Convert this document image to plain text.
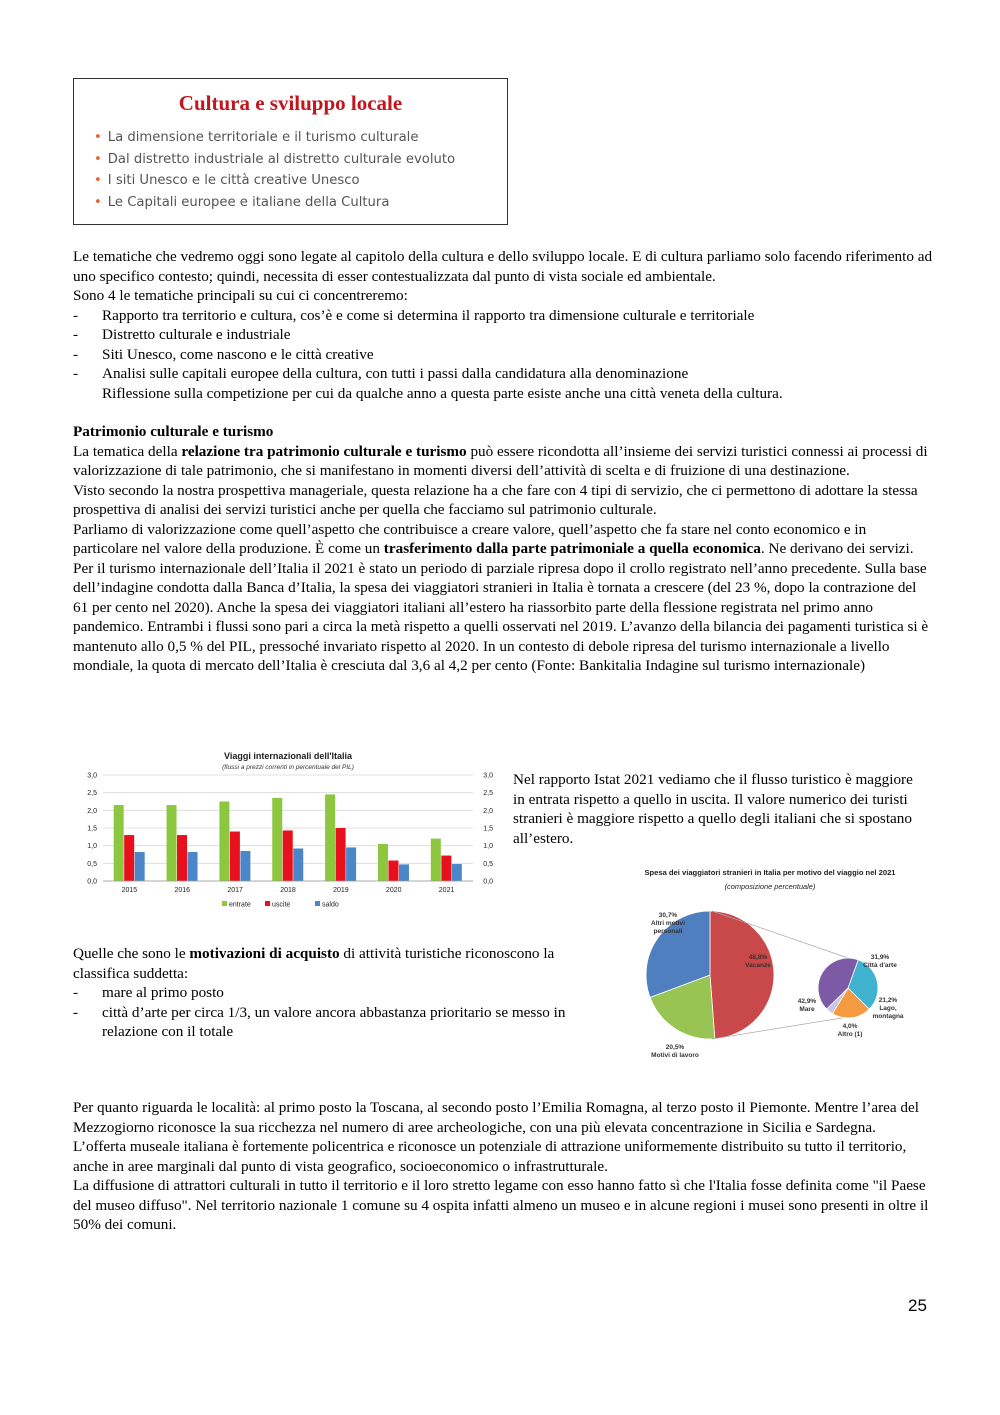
Cultura e sviluppo locale
• La dimensione territoriale e il turismo culturale
• Dal distretto industriale al distretto culturale evoluto
• I siti Unesco e le città creative Unesco
• Le Capitali europee e italiane della Cultura

Le tematiche che vedremo oggi sono legate al capitolo della cultura e dello sviluppo locale. E di cultura parliamo solo facendo riferimento ad uno specifico contesto; quindi, necessita di esser contestualizzata dal punto di vista sociale ed ambientale.

Sono 4 le tematiche principali su cui ci concentreremo:

- Rapporto tra territorio e cultura, cos’è e come si determina il rapporto tra dimensione culturale e territoriale
- Distretto culturale e industriale
- Siti Unesco, come nascono e le città creative
- Analisi sulle capitali europee della cultura, con tutti i passi dalla candidatura alla denominazione
Riflessione sulla competizione per cui da qualche anno a questa parte esiste anche una città veneta della cultura.

Patrimonio culturale e turismo

La tematica della relazione tra patrimonio culturale e turismo può essere ricondotta all’insieme dei servizi turistici connessi ai processi di valorizzazione di tale patrimonio, che si manifestano in momenti diversi dell’attività di scelta e di fruizione di una destinazione.

Visto secondo la nostra prospettiva manageriale, questa relazione ha a che fare con 4 tipi di servizio, che ci permettono di adottare la stessa prospettiva di analisi dei servizi turistici anche per quella che facciamo sul patrimonio culturale.

Parliamo di valorizzazione come quell’aspetto che contribuisce a creare valore, quell’aspetto che fa stare nel conto economico e in particolare nel valore della produzione. È come un trasferimento dalla parte patrimoniale a quella economica. Ne derivano dei servizi.

Per il turismo internazionale dell’Italia il 2021 è stato un periodo di parziale ripresa dopo il crollo registrato nell’anno precedente. Sulla base dell’indagine condotta dalla Banca d’Italia, la spesa dei viaggiatori stranieri in Italia è tornata a crescere (del 23 %, dopo la contrazione del 61 per cento nel 2020). Anche la spesa dei viaggiatori italiani all’estero ha riassorbito parte della flessione registrata nel primo anno pandemico. Entrambi i flussi sono pari a circa la metà rispetto a quelli osservati nel 2019. L’avanzo della bilancia dei pagamenti turistica si è mantenuto allo 0,5 % del PIL, pressoché invariato rispetto al 2020. In un contesto di debole ripresa del turismo internazionale a livello mondiale, la quota di mercato dell’Italia è cresciuta dal 3,6 al 4,2 per cento (Fonte: Bankitalia Indagine sul turismo internazionale)

Viaggi internazionali dell'Italia
(flussi a prezzi correnti in percentuale del PIL)
0,0	0,0
0,5	0,5
1,0	1,0
1,5	1,5
2,0	2,0
2,5	2,5
3,0	3,0
2015	2016	2017	2018	2019	2020	2021
entrate	uscite	saldo

Nel rapporto Istat 2021 vediamo che il flusso turistico è maggiore in entrata rispetto a quello in uscita. Il valore numerico dei turisti stranieri è maggiore rispetto a quello degli italiani che si spostano all’estero.

Spesa dei viaggiatori stranieri in Italia per motivo del viaggio nel 2021
(composizione percentuale)
30,7%
Altri motivi
personali
48,8%
Vacanze
20,5%
Motivi di lavoro
31,9%
Città d'arte
21,2%
Lago,
montagna
42,9%
Mare
4,0%
Altro (1)

Quelle che sono le motivazioni di acquisto di attività turistiche riconoscono la classifica suddetta:

- mare al primo posto
- città d’arte per circa 1/3, un valore ancora abbastanza prioritario se messo in relazione con il totale

Per quanto riguarda le località: al primo posto la Toscana, al secondo posto l’Emilia Romagna, al terzo posto il Piemonte. Mentre l’area del Mezzogiorno riconosce la sua ricchezza nel numero di aree archeologiche, con una più elevata concentrazione in Sicilia e Sardegna.

L’offerta museale italiana è fortemente policentrica e riconosce un potenziale di attrazione uniformemente distribuito su tutto il territorio, anche in aree marginali dal punto di vista geografico, socioeconomico o infrastrutturale.

La diffusione di attrattori culturali in tutto il territorio e il loro stretto legame con esso hanno fatto sì che l'Italia fosse definita come "il Paese del museo diffuso". Nel territorio nazionale 1 comune su 4 ospita infatti almeno un museo e in alcune regioni i musei sono presenti in oltre il 50% dei comuni.

25
